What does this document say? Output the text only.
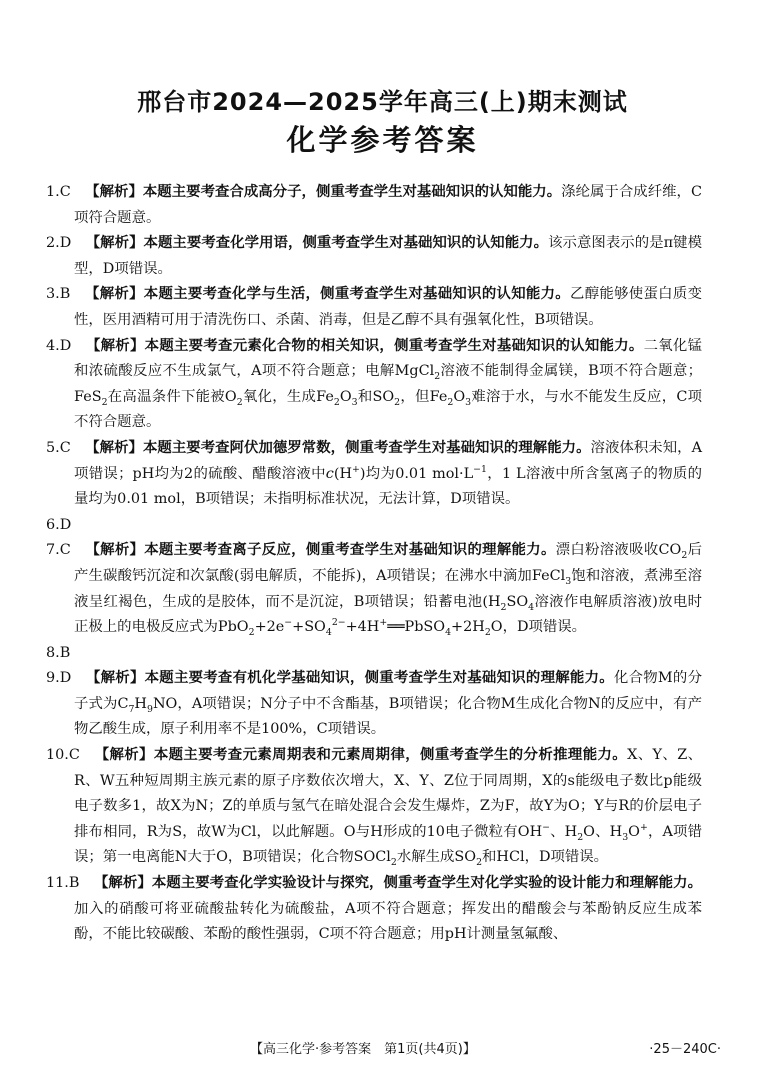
邢台市2024—2025学年高三(上)期末测试
化学参考答案
1.C  【解析】本题主要考查合成高分子，侧重考查学生对基础知识的认知能力。涤纶属于合成纤维，C项符合题意。
2.D  【解析】本题主要考查化学用语，侧重考查学生对基础知识的认知能力。该示意图表示的是π键模型，D项错误。
3.B  【解析】本题主要考查化学与生活，侧重考查学生对基础知识的认知能力。乙醇能够使蛋白质变性，医用酒精可用于清洗伤口、杀菌、消毒，但是乙醇不具有强氧化性，B项错误。
4.D  【解析】本题主要考查元素化合物的相关知识，侧重考查学生对基础知识的认知能力。二氧化锰和浓硫酸反应不生成氯气，A项不符合题意；电解MgCl$_2$溶液不能制得金属镁，B项不符合题意；FeS$_2$在高温条件下能被$O_2$氧化，生成$Fe_2O_3$和$SO_2$，但$Fe_2O_3$难溶于水，与水不能发生反应，C项不符合题意。
5.C  【解析】本题主要考查阿伏加德罗常数，侧重考查学生对基础知识的理解能力。溶液体积未知，A项错误；pH均为2的硫酸、醋酸溶液中c(H+)均为0.01 $mol\cdot L^{-1}$，1 L溶液中所含氢离子的物质的量均为0.01 mol，B项错误；未指明标准状况，无法计算，D项错误。
6.D
7.C  【解析】本题主要考查离子反应，侧重考查学生对基础知识的理解能力。漂白粉溶液吸收$CO_2$后产生碳酸钙沉淀和次氯酸(弱电解质，不能拆)，A项错误；在沸水中滴加FeCl$_3$饱和溶液，煮沸至溶液呈红褐色，生成的是胶体，而不是沉淀，B项错误；铅蓄电池($H_2SO_4$溶液作电解质溶液)放电时正极上的电极反应式为$PbO_2+2e^-+SO_4^{2-}+4H^+══PbSO_4+2H_2O$，D项错误。
8.B
9.D  【解析】本题主要考查有机化学基础知识，侧重考查学生对基础知识的理解能力。化合物M的分子式为$C_7H_9NO$，A项错误；N分子中不含酯基，B项错误；化合物M生成化合物N的反应中，有产物乙酸生成，原子利用率不是100%，C项错误。
10.C  【解析】本题主要考查元素周期表和元素周期律，侧重考查学生的分析推理能力。X、Y、Z、R、W五种短周期主族元素的原子序数依次增大，X、Y、Z位于同周期，X的s能级电子数比p能级电子数多1，故X为N；Z的单质与氢气在暗处混合会发生爆炸，Z为F，故Y为O；Y与R的价层电子排布相同，R为S，故W为Cl，以此解题。O与H形成的10电子微粒有OH−、$H_2O$、$H_3O^+$，A项错误；第一电离能N大于O，B项错误；化合物SOCl$_2$水解生成$SO_2$和HCl，D项错误。
11.B  【解析】本题主要考查化学实验设计与探究，侧重考查学生对化学实验的设计能力和理解能力。加入的硝酸可将亚硫酸盐转化为硫酸盐，A项不符合题意；挥发出的醋酸会与苯酚钠反应生成苯酚，不能比较碳酸、苯酚的酸性强弱，C项不符合题意；用pH计测量氢氟酸、
【高三化学·参考答案　第1页(共4页)】	·25－240C·
